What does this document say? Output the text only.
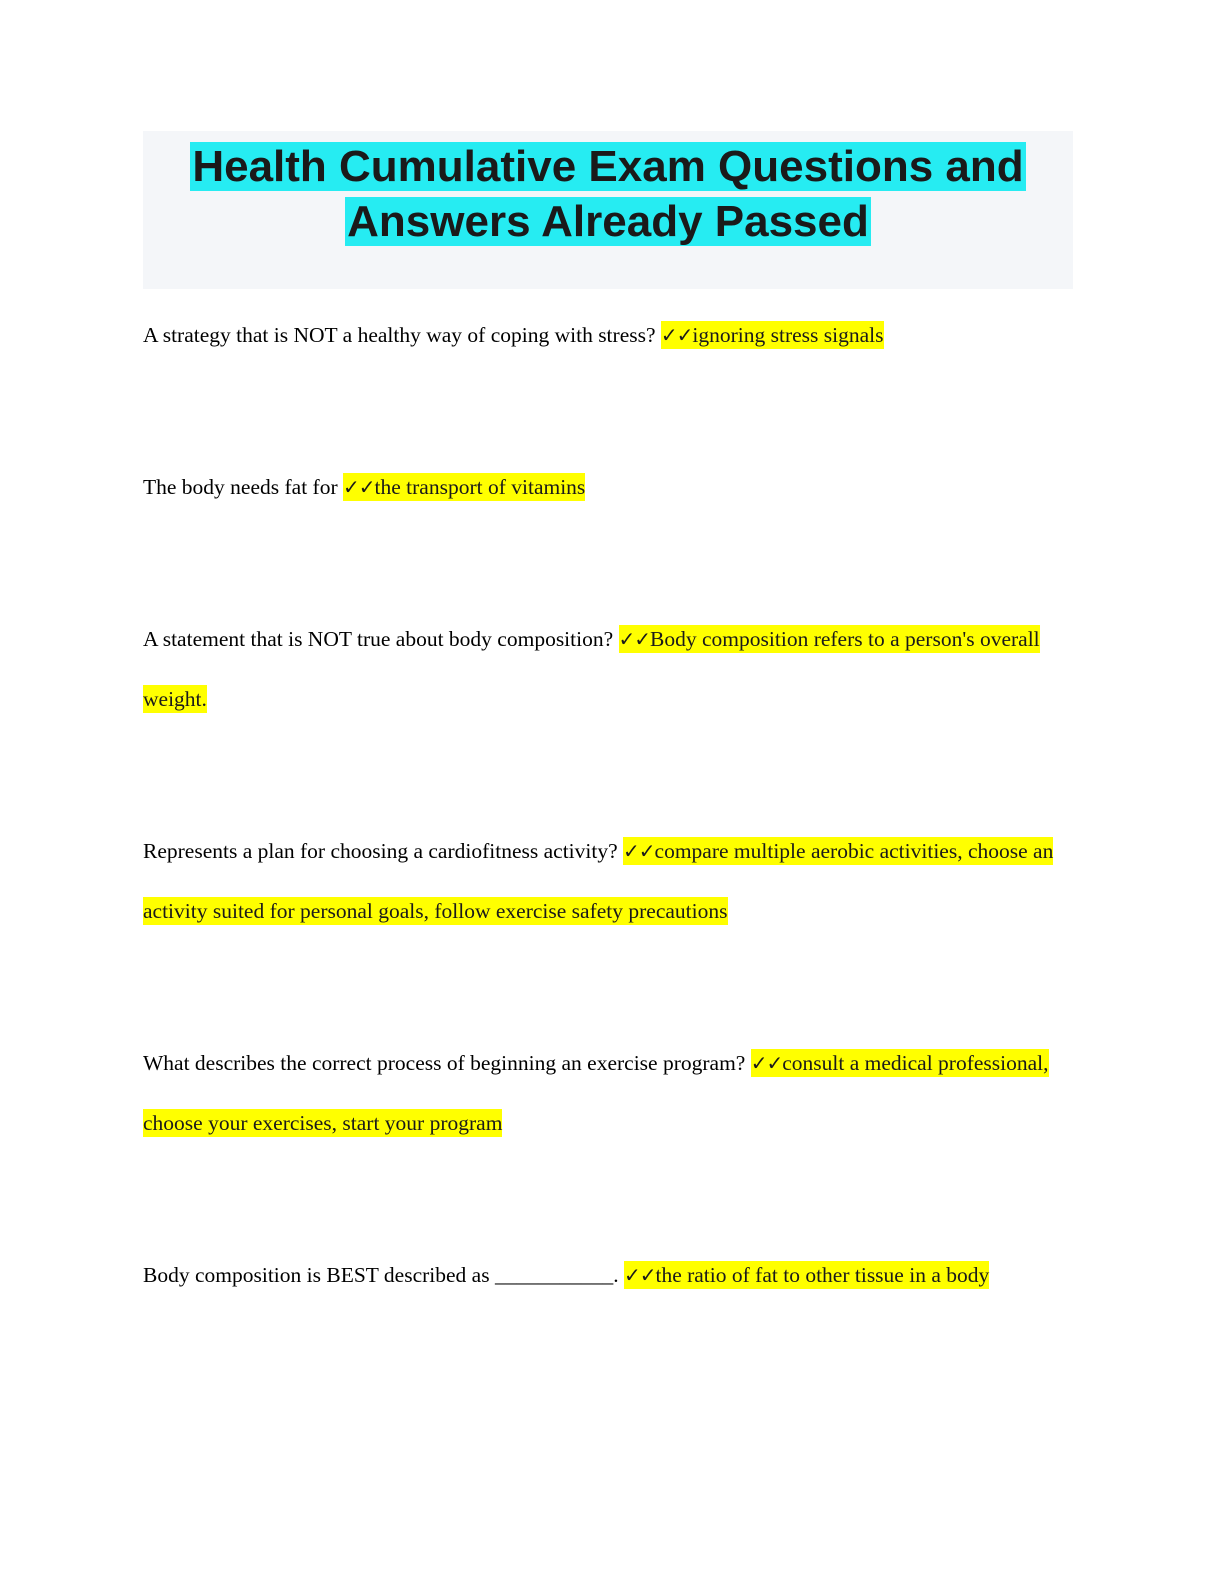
Health Cumulative Exam Questions and Answers Already Passed
A strategy that is NOT a healthy way of coping with stress? ✓✓ignoring stress signals
The body needs fat for ✓✓the transport of vitamins
A statement that is NOT true about body composition? ✓✓Body composition refers to a person's overall weight.
Represents a plan for choosing a cardiofitness activity? ✓✓compare multiple aerobic activities, choose an activity suited for personal goals, follow exercise safety precautions
What describes the correct process of beginning an exercise program? ✓✓consult a medical professional, choose your exercises, start your program
Body composition is BEST described as ___________. ✓✓the ratio of fat to other tissue in a body
